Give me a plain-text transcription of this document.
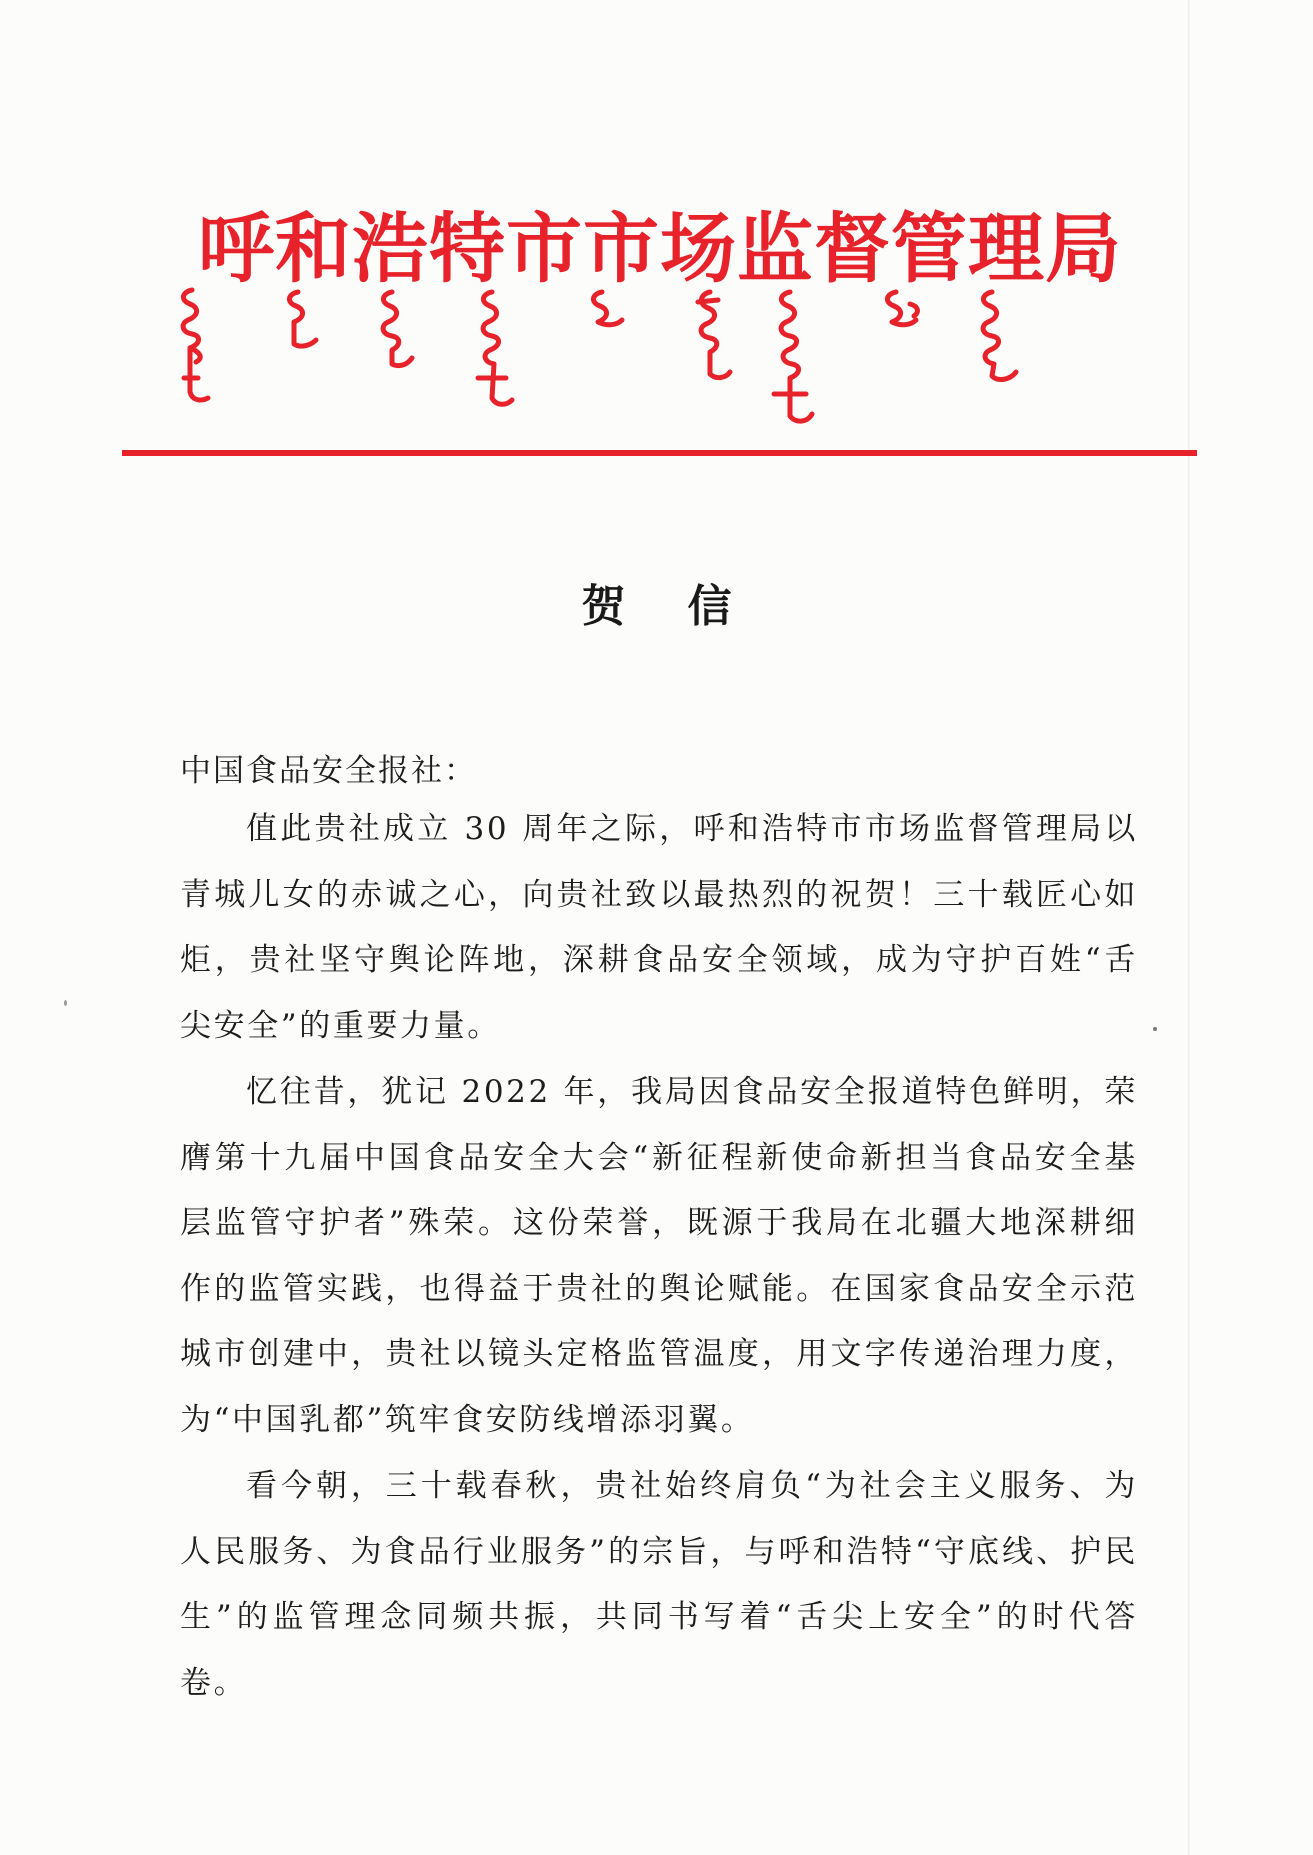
呼和浩特市市场监督管理局
贺信
中国食品安全报社：

值此贵社成立 30 周年之际，呼和浩特市市场监督管理局以青城儿女的赤诚之心，向贵社致以最热烈的祝贺！三十载匠心如炬，贵社坚守舆论阵地，深耕食品安全领域，成为守护百姓“舌尖安全”的重要力量。

忆往昔，犹记 2022 年，我局因食品安全报道特色鲜明，荣膺第十九届中国食品安全大会“新征程新使命新担当食品安全基层监管守护者”殊荣。这份荣誉，既源于我局在北疆大地深耕细作的监管实践，也得益于贵社的舆论赋能。在国家食品安全示范城市创建中，贵社以镜头定格监管温度，用文字传递治理力度，为“中国乳都”筑牢食安防线增添羽翼。

看今朝，三十载春秋，贵社始终肩负“为社会主义服务、为人民服务、为食品行业服务”的宗旨，与呼和浩特“守底线、护民生”的监管理念同频共振，共同书写着“舌尖上安全”的时代答卷。
